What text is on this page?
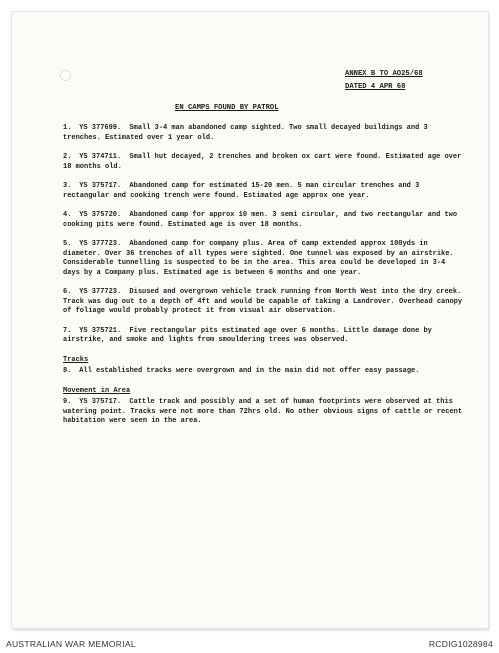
ANNEX B TO AO25/68
DATED 4 APR 68
EN CAMPS FOUND BY PATROL
1. YS 377699. Small 3-4 man abandoned camp sighted. Two small decayed buildings and 3 trenches. Estimated over 1 year old.
2. YS 374711. Small hut decayed, 2 trenches and broken ox cart were found. Estimated age over 18 months old.
3. YS 375717. Abandoned camp for estimated 15-20 men. 5 man circular trenches and 3 rectangular and cooking trench were found. Estimated age approx one year.
4. YS 375720. Abandoned camp for approx 10 men. 3 semi circular, and two rectangular and two cooking pits were found. Estimated age is over 18 months.
5. YS 377723. Abandoned camp for company plus. Area of camp extended approx 100yds in diameter. Over 36 trenches of all types were sighted. One tunnel was exposed by an airstrike. Considerable tunnelling is suspected to be in the area. This area could be developed in 3-4 days by a Company plus. Estimated age is between 6 months and one year.
6. YS 377723. Disused and overgrown vehicle track running from North West into the dry creek. Track was dug out to a depth of 4ft and would be capable of taking a Landrover. Overhead canopy of foliage would probably protect it from visual air observation.
7. YS 375721. Five rectangular pits estimated age over 6 months. Little damage done by airstrike, and smoke and lights from smouldering trees was observed.
Tracks
8. All established tracks were overgrown and in the main did not offer easy passage.
Movement in Area
9. YS 375717. Cattle track and possibly and a set of human footprints were observed at this watering point. Tracks were not more than 72hrs old. No other obvious signs of cattle or recent habitation were seen in the area.
AUSTRALIAN WAR MEMORIAL	RCDIG1028984
